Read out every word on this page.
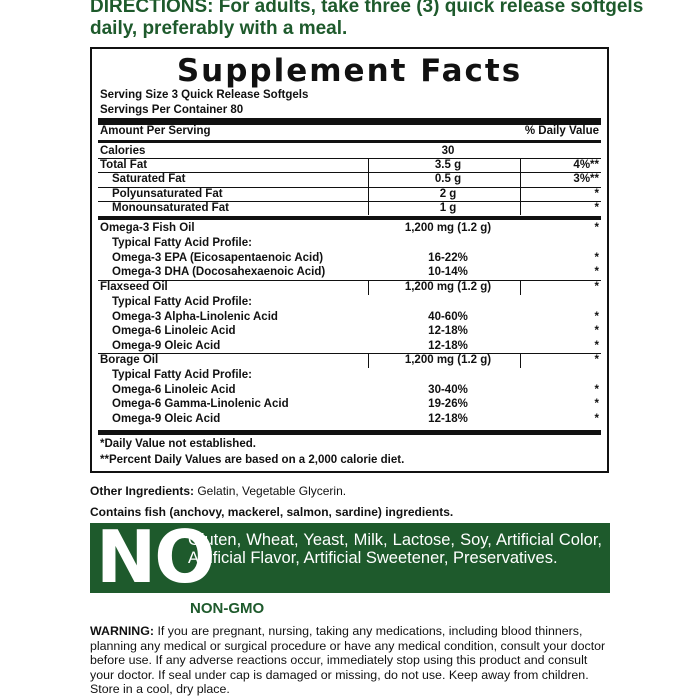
DIRECTIONS: For adults, take three (3) quick release softgels daily, preferably with a meal.
Supplement Facts
Serving Size 3 Quick Release Softgels
Servings Per Container 80
Amount Per Serving	% Daily Value
Calories	30
Total Fat	3.5 g	4%**
Saturated Fat	0.5 g	3%**
Polyunsaturated Fat	2 g	*
Monounsaturated Fat	1 g	*
Omega-3 Fish Oil	1,200 mg (1.2 g)	*
Typical Fatty Acid Profile:
Omega-3 EPA (Eicosapentaenoic Acid)	16-22%	*
Omega-3 DHA (Docosahexaenoic Acid)	10-14%	*
Flaxseed Oil	1,200 mg (1.2 g)	*
Typical Fatty Acid Profile:
Omega-3 Alpha-Linolenic Acid	40-60%	*
Omega-6 Linoleic Acid	12-18%	*
Omega-9 Oleic Acid	12-18%	*
Borage Oil	1,200 mg (1.2 g)	*
Typical Fatty Acid Profile:
Omega-6 Linoleic Acid	30-40%	*
Omega-6 Gamma-Linolenic Acid	19-26%	*
Omega-9 Oleic Acid	12-18%	*
*Daily Value not established.
**Percent Daily Values are based on a 2,000 calorie diet.
Other Ingredients: Gelatin, Vegetable Glycerin.
Contains fish (anchovy, mackerel, salmon, sardine) ingredients.
NO
Gluten, Wheat, Yeast, Milk, Lactose, Soy, Artificial Color, Artificial Flavor, Artificial Sweetener, Preservatives.
NON-GMO
WARNING: If you are pregnant, nursing, taking any medications, including blood thinners, planning any medical or surgical procedure or have any medical condition, consult your doctor before use. If any adverse reactions occur, immediately stop using this product and consult your doctor. If seal under cap is damaged or missing, do not use. Keep away from children. Store in a cool, dry place.
